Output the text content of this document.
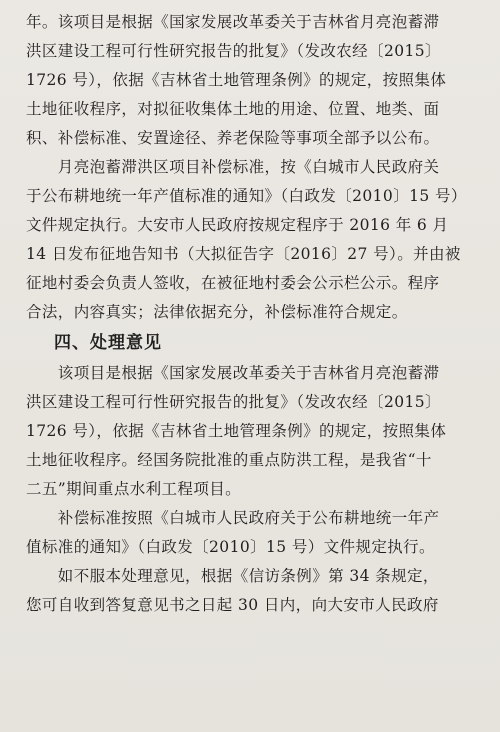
年。该项目是根据《国家发展改革委关于吉林省月亮泡蓄滞
洪区建设工程可行性研究报告的批复》（发改农经〔2015〕
1726 号），依据《吉林省土地管理条例》的规定，按照集体
土地征收程序，对拟征收集体土地的用途、位置、地类、面
积、补偿标准、安置途径、养老保险等事项全部予以公布。
　　月亮泡蓄滞洪区项目补偿标准，按《白城市人民政府关
于公布耕地统一年产值标准的通知》（白政发〔2010〕15 号）
文件规定执行。大安市人民政府按规定程序于 2016 年 6 月
14 日发布征地告知书（大拟征告字〔2016〕27 号）。并由被
征地村委会负责人签收，在被征地村委会公示栏公示。程序
合法，内容真实；法律依据充分，补偿标准符合规定。
四、处理意见
　　该项目是根据《国家发展改革委关于吉林省月亮泡蓄滞
洪区建设工程可行性研究报告的批复》（发改农经〔2015〕
1726 号），依据《吉林省土地管理条例》的规定，按照集体
土地征收程序。经国务院批准的重点防洪工程，是我省“十
二五”期间重点水利工程项目。
　　补偿标准按照《白城市人民政府关于公布耕地统一年产
值标准的通知》（白政发〔2010〕15 号）文件规定执行。
　　如不服本处理意见，根据《信访条例》第 34 条规定，
您可自收到答复意见书之日起 30 日内，向大安市人民政府
